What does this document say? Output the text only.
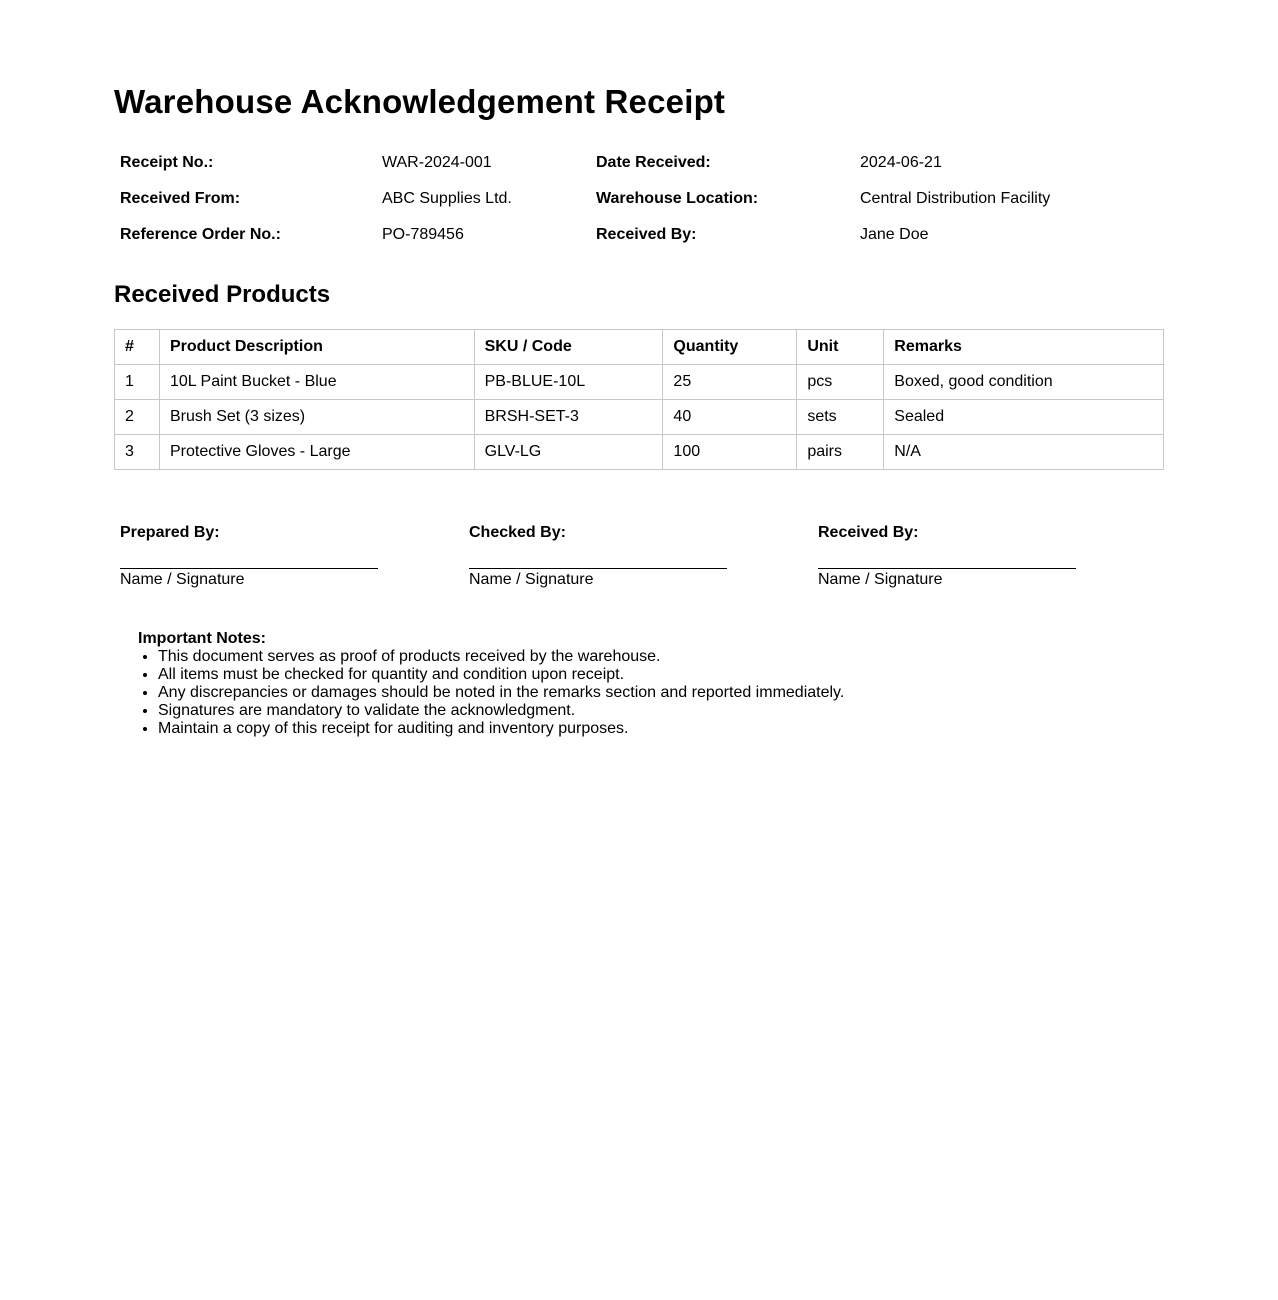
Warehouse Acknowledgement Receipt
Receipt No.:	WAR-2024-001	Date Received:	2024-06-21
Received From:	ABC Supplies Ltd.	Warehouse Location:	Central Distribution Facility
Reference Order No.:	PO-789456	Received By:	Jane Doe
Received Products
#	Product Description	SKU / Code	Quantity	Unit	Remarks
1	10L Paint Bucket - Blue	PB-BLUE-10L	25	pcs	Boxed, good condition
2	Brush Set (3 sizes)	BRSH-SET-3	40	sets	Sealed
3	Protective Gloves - Large	GLV-LG	100	pairs	N/A
Prepared By:
Name / Signature
Checked By:
Name / Signature
Received By:
Name / Signature
Important Notes:
• This document serves as proof of products received by the warehouse.
• All items must be checked for quantity and condition upon receipt.
• Any discrepancies or damages should be noted in the remarks section and reported immediately.
• Signatures are mandatory to validate the acknowledgment.
• Maintain a copy of this receipt for auditing and inventory purposes.
